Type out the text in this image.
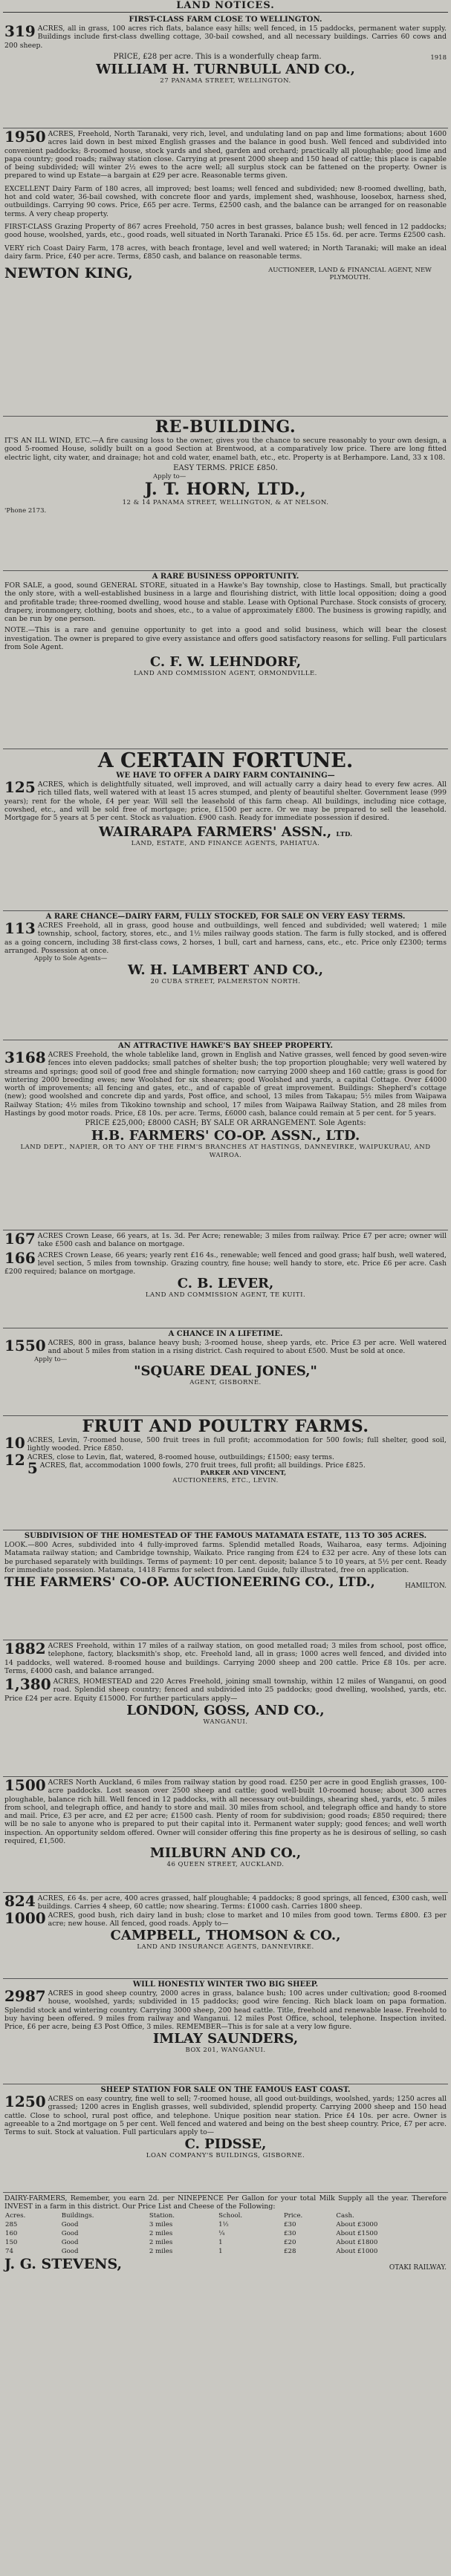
LAND NOTICES.
FIRST-CLASS FARM CLOSE TO WELLINGTON.
319 ACRES, all in grass, 100 acres rich flats, balance easy hills; well fenced, in 15 paddocks, permanent water supply. Buildings include first-class dwelling cottage, 30-bail cowshed, and all necessary buildings. Carries 60 cows and 200 sheep.
PRICE, £28 per acre. This is a wonderfully cheap farm.	1918
WILLIAM H. TURNBULL AND CO.,
27 PANAMA STREET, WELLINGTON.
1950 ACRES, Freehold, North Taranaki, very rich, level, and undulating land on pap and lime formations; about 1600 acres laid down in best mixed English grasses and the balance in good bush. Well fenced and subdivided into convenient paddocks; 8-roomed house, stock yards and shed, garden and orchard; practically all ploughable; good lime and papa country; good roads; railway station close. Carrying at present 2000 sheep and 150 head of cattle; this place is capable of being subdivided; will winter 2½ ewes to the acre well; all surplus stock can be fattened on the property. Owner is prepared to wind up Estate—a bargain at £29 per acre. Reasonable terms given.
EXCELLENT Dairy Farm of 180 acres, all improved; best loams; well fenced and subdivided; new 8-roomed dwelling, bath, hot and cold water, 36-bail cowshed, with concrete floor and yards, implement shed, washhouse, loosebox, harness shed, outbuildings. Carrying 90 cows. Price, £65 per acre. Terms, £2500 cash, and the balance can be arranged for on reasonable terms. A very cheap property.
FIRST-CLASS Grazing Property of 867 acres Freehold, 750 acres in best grasses, balance bush; well fenced in 12 paddocks; good house, woolshed, yards, etc., good roads, well situated in North Taranaki. Price £5 15s. 6d. per acre. Terms £2500 cash.
VERY rich Coast Dairy Farm, 178 acres, with beach frontage, level and well watered; in North Taranaki; will make an ideal dairy farm. Price, £40 per acre. Terms, £850 cash, and balance on reasonable terms.
NEWTON KING,	AUCTIONEER, LAND & FINANCIAL AGENT, NEW PLYMOUTH.
RE-BUILDING.
IT'S AN ILL WIND, ETC.—A fire causing loss to the owner, gives you the chance to secure reasonably to your own design, a good 5-roomed House, solidly built on a good Section at Brentwood, at a comparatively low price. There are long fitted electric light, city water, and drainage; hot and cold water, enamel bath, etc., etc. Property is at Berhampore. Land, 33 x 108.
EASY TERMS. PRICE £850.
Apply to—
J. T. HORN, LTD.,
12 & 14 PANAMA STREET, WELLINGTON, & AT NELSON.
'Phone 2173.
A RARE BUSINESS OPPORTUNITY.
FOR SALE, a good, sound GENERAL STORE, situated in a Hawke's Bay township, close to Hastings. Small, but practically the only store, with a well-established business in a large and flourishing district, with little local opposition; doing a good and profitable trade; three-roomed dwelling, wood house and stable. Lease with Optional Purchase. Stock consists of grocery, drapery, ironmongery, clothing, boots and shoes, etc., to a value of approximately £800. The business is growing rapidly, and can be run by one person.
NOTE.—This is a rare and genuine opportunity to get into a good and solid business, which will bear the closest investigation. The owner is prepared to give every assistance and offers good satisfactory reasons for selling. Full particulars from Sole Agent.
C. F. W. LEHNDORF,
LAND AND COMMISSION AGENT, ORMONDVILLE.
A CERTAIN FORTUNE.
WE HAVE TO OFFER A DAIRY FARM CONTAINING—
125 ACRES, which is delightfully situated, well improved, and will actually carry a dairy head to every few acres. All rich tilled flats, well watered with at least 15 acres stumped, and plenty of beautiful shelter. Government lease (999 years); rent for the whole, £4 per year. Will sell the leasehold of this farm cheap. All buildings, including nice cottage, cowshed, etc., and will be sold free of mortgage; price, £1500 per acre. Or we may be prepared to sell the leasehold. Mortgage for 5 years at 5 per cent. Stock as valuation. £900 cash. Ready for immediate possession if desired.
WAIRARAPA FARMERS' ASSN., LTD.
LAND, ESTATE, AND FINANCE AGENTS, PAHIATUA.
A RARE CHANCE—DAIRY FARM, FULLY STOCKED, FOR SALE ON VERY EASY TERMS.
113 ACRES Freehold, all in grass, good house and outbuildings, well fenced and subdivided; well watered; 1 mile township, school, factory, stores, etc., and 1½ miles railway goods station. The farm is fully stocked, and is offered as a going concern, including 38 first-class cows, 2 horses, 1 bull, cart and harness, cans, etc., etc. Price only £2300; terms arranged. Possession at once.
Apply to Sole Agents—
W. H. LAMBERT AND CO.,
20 CUBA STREET, PALMERSTON NORTH.
AN ATTRACTIVE HAWKE'S BAY SHEEP PROPERTY.
3168 ACRES Freehold, the whole tablelike land, grown in English and Native grasses, well fenced by good seven-wire fences into eleven paddocks; small patches of shelter bush; the top proportion ploughable; very well watered by streams and springs; good soil of good free and shingle formation; now carrying 2000 sheep and 160 cattle; grass is good for wintering 2000 breeding ewes; new Woolshed for six shearers; good Woolshed and yards, a capital Cottage. Over £4000 worth of improvements; all fencing and gates, etc., and of capable of great improvement. Buildings: Shepherd's cottage (new); good woolshed and concrete dip and yards, Post office, and school, 13 miles from Takapau; 5½ miles from Waipawa Railway Station; 4½ miles from Tikokino township and school, 17 miles from Waipawa Railway Station, and 28 miles from Hastings by good motor roads. Price, £8 10s. per acre. Terms, £6000 cash, balance could remain at 5 per cent. for 5 years.
PRICE £25,000; £8000 CASH; BY SALE OR ARRANGEMENT. Sole Agents:
H.B. FARMERS' CO-OP. ASSN., LTD.
LAND DEPT., NAPIER, OR TO ANY OF THE FIRM'S BRANCHES AT HASTINGS, DANNEVIRKE, WAIPUKURAU, AND WAIROA.
167 ACRES Crown Lease, 66 years, at 1s. 3d. Per Acre; renewable; 3 miles from railway. Price £7 per acre; owner will take £500 cash and balance on mortgage.
166 ACRES Crown Lease, 66 years; yearly rent £16 4s., renewable; well fenced and good grass; half bush, well watered, level section, 5 miles from township. Grazing country, fine house; well handy to store, etc. Price £6 per acre. Cash £200 required; balance on mortgage.
C. B. LEVER,
LAND AND COMMISSION AGENT, TE KUITI.
A CHANCE IN A LIFETIME.
1550 ACRES, 800 in grass, balance heavy bush; 3-roomed house, sheep yards, etc. Price £3 per acre. Well watered and about 5 miles from station in a rising district. Cash required to about £500. Must be sold at once.
Apply to—
"SQUARE DEAL JONES,"
AGENT, GISBORNE.
FRUIT AND POULTRY FARMS.
10 ACRES, Levin, 7-roomed house, 500 fruit trees in full profit; accommodation for 500 fowls; full shelter, good soil, lightly wooded. Price £850.
12 ACRES, close to Levin, flat, watered, 8-roomed house, outbuildings; £1500; easy terms.
5 ACRES, flat, accommodation 1000 fowls, 270 fruit trees, full profit; all buildings. Price £825.
PARKER AND VINCENT,
AUCTIONEERS, ETC., LEVIN.
SUBDIVISION OF THE HOMESTEAD OF THE FAMOUS MATAMATA ESTATE, 113 TO 305 ACRES.
LOOK.—800 Acres, subdivided into 4 fully-improved farms. Splendid metalled Roads, Waiharoa, easy terms. Adjoining Matamata railway station; and Cambridge township, Waikato. Price ranging from £24 to £32 per acre. Any of these lots can be purchased separately with buildings. Terms of payment: 10 per cent. deposit; balance 5 to 10 years, at 5½ per cent. Ready for immediate possession. Matamata, 1418 Farms for select from. Land Guide, fully illustrated, free on application.
THE FARMERS' CO-OP. AUCTIONEERING CO., LTD.,	HAMILTON.
1882 ACRES Freehold, within 17 miles of a railway station, on good metalled road; 3 miles from school, post office, telephone, factory, blacksmith's shop, etc. Freehold land, all in grass; 1000 acres well fenced, and divided into 14 paddocks, well watered. 8-roomed house and buildings. Carrying 2000 sheep and 200 cattle. Price £8 10s. per acre. Terms, £4000 cash, and balance arranged.
1,380 ACRES, HOMESTEAD and 220 Acres Freehold, joining small township, within 12 miles of Wanganui, on good road. Splendid sheep country; fenced and subdivided into 25 paddocks; good dwelling, woolshed, yards, etc. Price £24 per acre. Equity £15000. For further particulars apply—
LONDON, GOSS, AND CO.,
WANGANUI.
1500 ACRES North Auckland, 6 miles from railway station by good road. £250 per acre in good English grasses, 100-acre paddocks. Lost season over 2500 sheep and cattle; good well-built 10-roomed house; about 300 acres ploughable, balance rich hill. Well fenced in 12 paddocks, with all necessary out-buildings, shearing shed, yards, etc. 5 miles from school, and telegraph office, and handy to store and mail. 30 miles from school, and telegraph office and handy to store and mail. Price, £3 per acre, and £2 per acre; £1500 cash. Plenty of room for subdivision; good roads; £850 required; there will be no sale to anyone who is prepared to put their capital into it. Permanent water supply; good fences; and well worth inspection. An opportunity seldom offered. Owner will consider offering this fine property as he is desirous of selling, so cash required, £1,500.
MILBURN AND CO.,
46 QUEEN STREET, AUCKLAND.
824 ACRES, £6 4s. per acre, 400 acres grassed, half ploughable; 4 paddocks; 8 good springs, all fenced, £300 cash, well buildings. Carries 4 sheep, 60 cattle; now shearing. Terms: £1000 cash. Carries 1800 sheep.
1000 ACRES, good bush, rich dairy land in bush; close to market and 10 miles from good town. Terms £800. £3 per acre; new house. All fenced, good roads. Apply to—
CAMPBELL, THOMSON & CO.,
LAND AND INSURANCE AGENTS, DANNEVIRKE.
WILL HONESTLY WINTER TWO BIG SHEEP.
2987 ACRES in good sheep country, 2000 acres in grass, balance bush; 100 acres under cultivation; good 8-roomed house, woolshed, yards; subdivided in 15 paddocks; good wire fencing. Rich black loam on papa formation. Splendid stock and wintering country. Carrying 3000 sheep, 200 head cattle. Title, freehold and renewable lease. Freehold to buy having been offered. 9 miles from railway and Wanganui. 12 miles Post Office, school, telephone. Inspection invited. Price, £6 per acre, being £3 Post Office, 3 miles. REMEMBER—This is for sale at a very low figure.
IMLAY SAUNDERS,
BOX 201, WANGANUI.
SHEEP STATION FOR SALE ON THE FAMOUS EAST COAST.
1250 ACRES on easy country, fine well to sell; 7-roomed house, all good out-buildings, woolshed, yards; 1250 acres all grassed; 1200 acres in English grasses, well subdivided, splendid property. Carrying 2000 sheep and 150 head cattle. Close to school, rural post office, and telephone. Unique position near station. Price £4 10s. per acre. Owner is agreeable to a 2nd mortgage on 5 per cent. Well fenced and watered and being on the best sheep country. Price, £7 per acre. Terms to suit. Stock at valuation. Full particulars apply to—
C. PIDSSE,
LOAN COMPANY'S BUILDINGS, GISBORNE.
DAIRY-FARMERS, Remember, you earn 2d. per NINEPENCE Per Gallon for your total Milk Supply all the year. Therefore INVEST in a farm in this district. Our Price List and Cheese of the Following:
Acres.	Buildings.	Station.	School.	Price.	Cash.
285	Good	3 miles	1½	£30	About £3000
160	Good	2 miles	¼	£30	About £1500
150	Good	2 miles	1	£20	About £1800
74	Good	2 miles	1	£28	About £1000
J. G. STEVENS,	OTAKI RAILWAY.
